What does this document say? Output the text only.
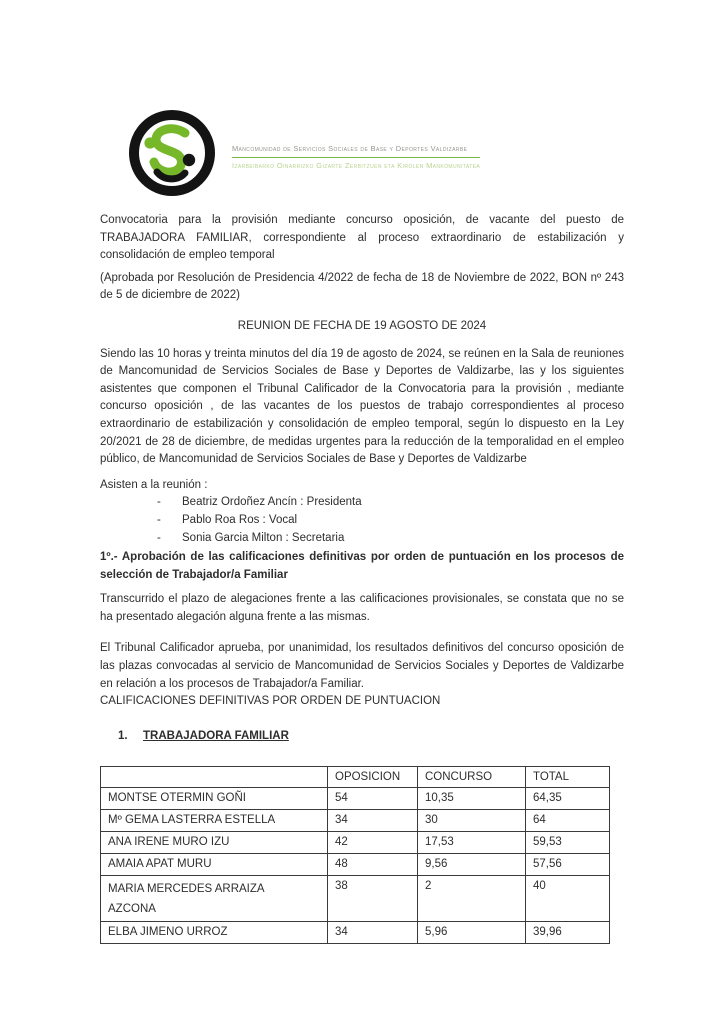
Mancomunidad de Servicios Sociales de Base y Deportes Valdizarbe
Izarbeibarko Oinarrizko Gizarte Zerbitzuen eta Kirolen Mankomunitatea

Convocatoria para la provisión mediante concurso oposición, de vacante del puesto de TRABAJADORA FAMILIAR, correspondiente al proceso extraordinario de estabilización y consolidación de empleo temporal

(Aprobada por Resolución de Presidencia 4/2022 de fecha de 18 de Noviembre de 2022, BON nº 243 de 5 de diciembre de 2022)

REUNION DE FECHA DE 19 AGOSTO DE 2024

Siendo las 10 horas y treinta minutos del día 19 de agosto de 2024, se reúnen en la Sala de reuniones de Mancomunidad de Servicios Sociales de Base y Deportes de Valdizarbe, las y los siguientes asistentes que componen el Tribunal Calificador de la Convocatoria para la provisión , mediante concurso oposición , de las vacantes de los puestos de trabajo correspondientes al proceso extraordinario de estabilización y consolidación de empleo temporal, según lo dispuesto en la Ley 20/2021 de 28 de diciembre, de medidas urgentes para la reducción de la temporalidad en el empleo público, de Mancomunidad de Servicios Sociales de Base y Deportes de Valdizarbe

Asisten a la reunión :

-	Beatriz Ordoñez Ancín : Presidenta
-	Pablo Roa Ros : Vocal
-	Sonia Garcia Milton : Secretaria

1º.- Aprobación de las calificaciones definitivas por orden de puntuación en los procesos de selección de Trabajador/a Familiar

Transcurrido el plazo de alegaciones frente a las calificaciones provisionales, se constata que no se ha presentado alegación alguna frente a las mismas.

El Tribunal Calificador aprueba, por unanimidad, los resultados definitivos del concurso oposición de las plazas convocadas al servicio de Mancomunidad de Servicios Sociales y Deportes de Valdizarbe en relación a los procesos de Trabajador/a Familiar.

CALIFICACIONES DEFINITIVAS POR ORDEN DE PUNTUACION

1. TRABAJADORA FAMILIAR
	OPOSICION	CONCURSO	TOTAL
MONTSE OTERMIN GOÑI	54	10,35	64,35
Mº GEMA LASTERRA ESTELLA	34	30	64
ANA IRENE MURO IZU	42	17,53	59,53
AMAIA APAT MURU	48	9,56	57,56
MARIA MERCEDES ARRAIZA AZCONA	38	2	40
ELBA JIMENO URROZ	34	5,96	39,96
